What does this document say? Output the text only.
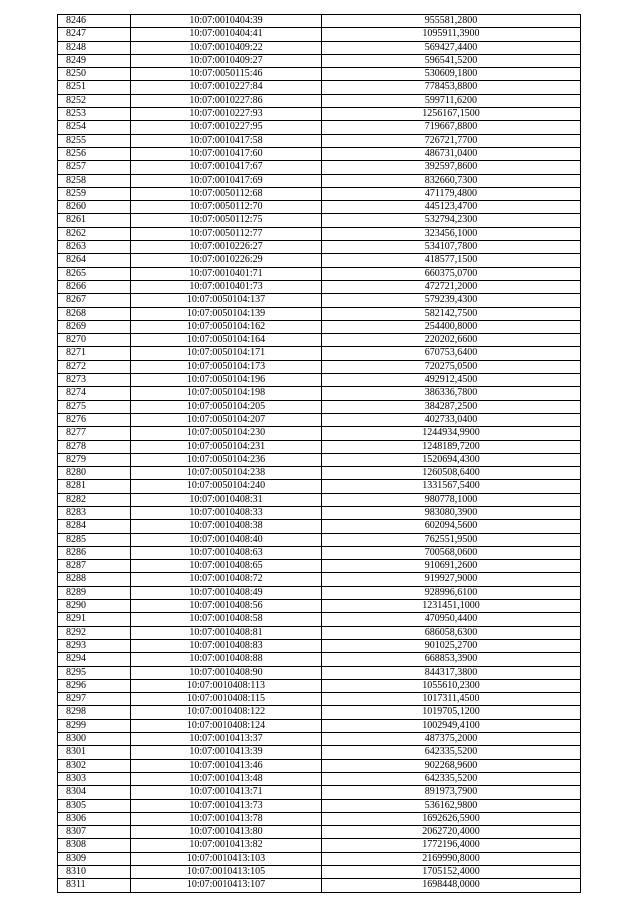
8246	10:07:0010404:39	955581,2800
8247	10:07:0010404:41	1095911,3900
8248	10:07:0010409:22	569427,4400
8249	10:07:0010409:27	596541,5200
8250	10:07:0050115:46	530609,1800
8251	10:07:0010227:84	778453,8800
8252	10:07:0010227:86	599711,6200
8253	10:07:0010227:93	1256167,1500
8254	10:07:0010227:95	719667,8800
8255	10:07:0010417:58	726721,7700
8256	10:07:0010417:60	486731,0400
8257	10:07:0010417:67	392597,8600
8258	10:07:0010417:69	832660,7300
8259	10:07:0050112:68	471179,4800
8260	10:07:0050112:70	445123,4700
8261	10:07:0050112:75	532794,2300
8262	10:07:0050112:77	323456,1000
8263	10:07:0010226:27	534107,7800
8264	10:07:0010226:29	418577,1500
8265	10:07:0010401:71	660375,0700
8266	10:07:0010401:73	472721,2000
8267	10:07:0050104:137	579239,4300
8268	10:07:0050104:139	582142,7500
8269	10:07:0050104:162	254400,8000
8270	10:07:0050104:164	220202,6600
8271	10:07:0050104:171	670753,6400
8272	10:07:0050104:173	720275,0500
8273	10:07:0050104:196	492912,4500
8274	10:07:0050104:198	386336,7800
8275	10:07:0050104:205	384287,2500
8276	10:07:0050104:207	402733,0400
8277	10:07:0050104:230	1244934,9900
8278	10:07:0050104:231	1248189,7200
8279	10:07:0050104:236	1520694,4300
8280	10:07:0050104:238	1260508,6400
8281	10:07:0050104:240	1331567,5400
8282	10:07:0010408:31	980778,1000
8283	10:07:0010408:33	983080,3900
8284	10:07:0010408:38	602094,5600
8285	10:07:0010408:40	762551,9500
8286	10:07:0010408:63	700568,0600
8287	10:07:0010408:65	910691,2600
8288	10:07:0010408:72	919927,9000
8289	10:07:0010408:49	928996,6100
8290	10:07:0010408:56	1231451,1000
8291	10:07:0010408:58	470950,4400
8292	10:07:0010408:81	686058,6300
8293	10:07:0010408:83	901025,2700
8294	10:07:0010408:88	668853,3900
8295	10:07:0010408:90	844317,3800
8296	10:07:0010408:113	1055610,2300
8297	10:07:0010408:115	1017311,4500
8298	10:07:0010408:122	1019705,1200
8299	10:07:0010408:124	1002949,4100
8300	10:07:0010413:37	487375,2000
8301	10:07:0010413:39	642335,5200
8302	10:07:0010413:46	902268,9600
8303	10:07:0010413:48	642335,5200
8304	10:07:0010413:71	891973,7900
8305	10:07:0010413:73	536162,9800
8306	10:07:0010413:78	1692626,5900
8307	10:07:0010413:80	2062720,4000
8308	10:07:0010413:82	1772196,4000
8309	10:07:0010413:103	2169990,8000
8310	10:07:0010413:105	1705152,4000
8311	10:07:0010413:107	1698448,0000
